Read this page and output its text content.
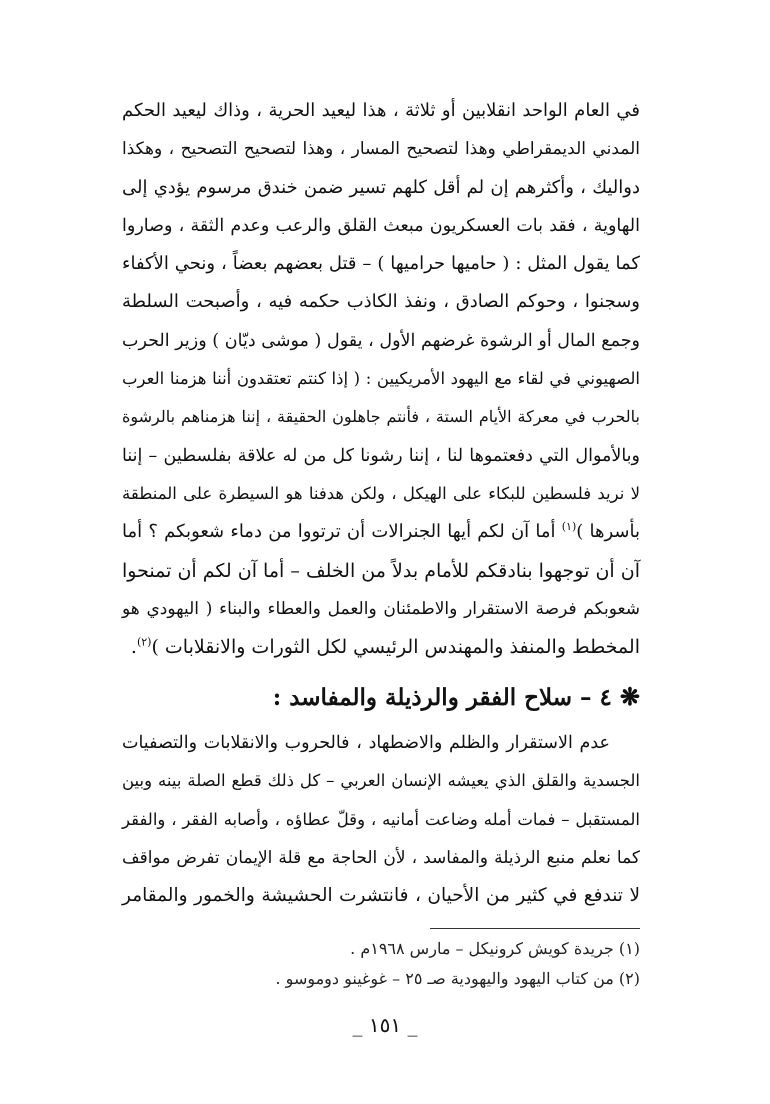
في العام الواحد انقلابين أو ثلاثة ، هذا ليعيد الحرية ، وذاك ليعيد الحكم
المدني الديمقراطي وهذا لتصحيح المسار ، وهذا لتصحيح التصحيح ، وهكذا
دواليك ، وأكثرهم إن لم أقل كلهم تسير ضمن خندق مرسوم يؤدي إلى
الهاوية ، فقد بات العسكريون مبعث القلق والرعب وعدم الثقة ، وصاروا
كما يقول المثل : ( حاميها حراميها ) – قتل بعضهم بعضاً ، ونحي الأكفاء
وسجنوا ، وحوكم الصادق ، ونفذ الكاذب حكمه فيه ، وأصبحت السلطة
وجمع المال أو الرشوة غرضهم الأول ، يقول ( موشى ديّان ) وزير الحرب
الصهيوني في لقاء مع اليهود الأمريكيين : ( إذا كنتم تعتقدون أننا هزمنا العرب
بالحرب في معركة الأيام الستة ، فأنتم جاهلون الحقيقة ، إننا هزمناهم بالرشوة
وبالأموال التي دفعتموها لنا ، إننا رشونا كل من له علاقة بفلسطين – إننا
لا نريد فلسطين للبكاء على الهيكل ، ولكن هدفنا هو السيطرة على المنطقة
بأسرها )$^{(١)}$ أما آن لكم أيها الجنرالات أن ترتووا من دماء شعوبكم ؟ أما
آن أن توجهوا بنادقكم للأمام بدلاً من الخلف – أما آن لكم أن تمنحوا
شعوبكم فرصة الاستقرار والاطمئنان والعمل والعطاء والبناء ( اليهودي هو
المخطط والمنفذ والمهندس الرئيسي لكل الثورات والانقلابات )$^{(٢)}$.
❋٤ – سلاح الفقر والرذيلة والمفاسد :
عدم الاستقرار والظلم والاضطهاد ، فالحروب والانقلابات والتصفيات
الجسدية والقلق الذي يعيشه الإنسان العربي – كل ذلك قطع الصلة بينه وبين
المستقبل – فمات أمله وضاعت أمانيه ، وقلّ عطاؤه ، وأصابه الفقر ، والفقر
كما نعلم منبع الرذيلة والمفاسد ، لأن الحاجة مع قلة الإيمان تفرض مواقف
لا تندفع في كثير من الأحيان ، فانتشرت الحشيشة والخمور والمقامر
(١) جريدة كويش كرونيكل – مارس ١٩٦٨م .
(٢) من كتاب اليهود واليهودية صـ ٢٥ – غوغينو دوموسو .
_ ١٥١ _
